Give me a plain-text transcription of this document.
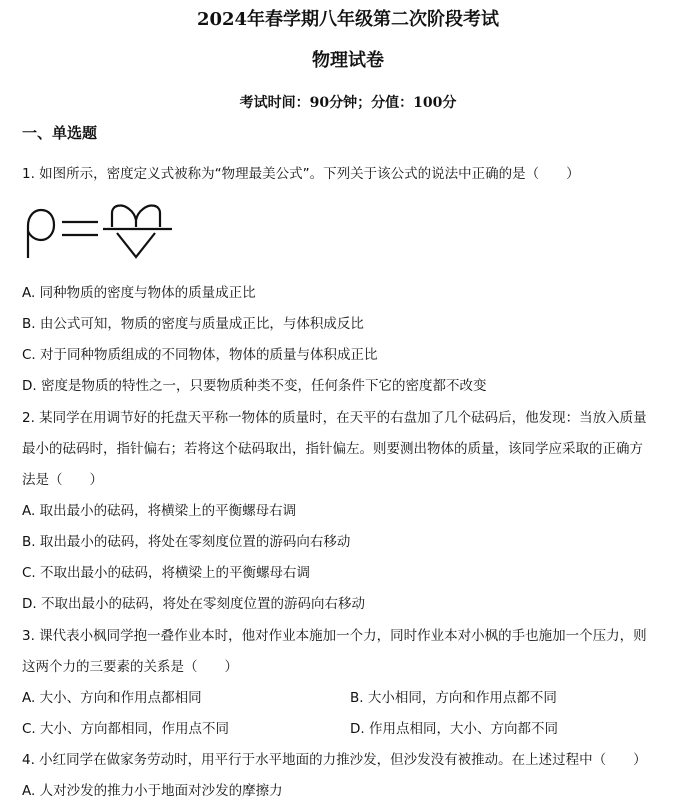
2024年春学期八年级第二次阶段考试
物理试卷
考试时间：90分钟；分值：100分
一、单选题
1. 如图所示，密度定义式被称为“物理最美公式”。下列关于该公式的说法中正确的是（　　）
A. 同种物质的密度与物体的质量成正比
B. 由公式可知，物质的密度与质量成正比，与体积成反比
C. 对于同种物质组成的不同物体，物体的质量与体积成正比
D. 密度是物质的特性之一，只要物质种类不变，任何条件下它的密度都不改变
2. 某同学在用调节好的托盘天平称一物体的质量时，在天平的右盘加了几个砝码后，他发现：当放入质量
最小的砝码时，指针偏右；若将这个砝码取出，指针偏左。则要测出物体的质量，该同学应采取的正确方
法是（　　）
A. 取出最小的砝码，将横梁上的平衡螺母右调
B. 取出最小的砝码，将处在零刻度位置的游码向右移动
C. 不取出最小的砝码，将横梁上的平衡螺母右调
D. 不取出最小的砝码，将处在零刻度位置的游码向右移动
3. 课代表小枫同学抱一叠作业本时，他对作业本施加一个力，同时作业本对小枫的手也施加一个压力，则
这两个力的三要素的关系是（　　）
A. 大小、方向和作用点都相同	B. 大小相同，方向和作用点都不同
C. 大小、方向都相同，作用点不同	D. 作用点相同，大小、方向都不同
4. 小红同学在做家务劳动时，用平行于水平地面的力推沙发，但沙发没有被推动。在上述过程中（　　）
A. 人对沙发的推力小于地面对沙发的摩擦力
